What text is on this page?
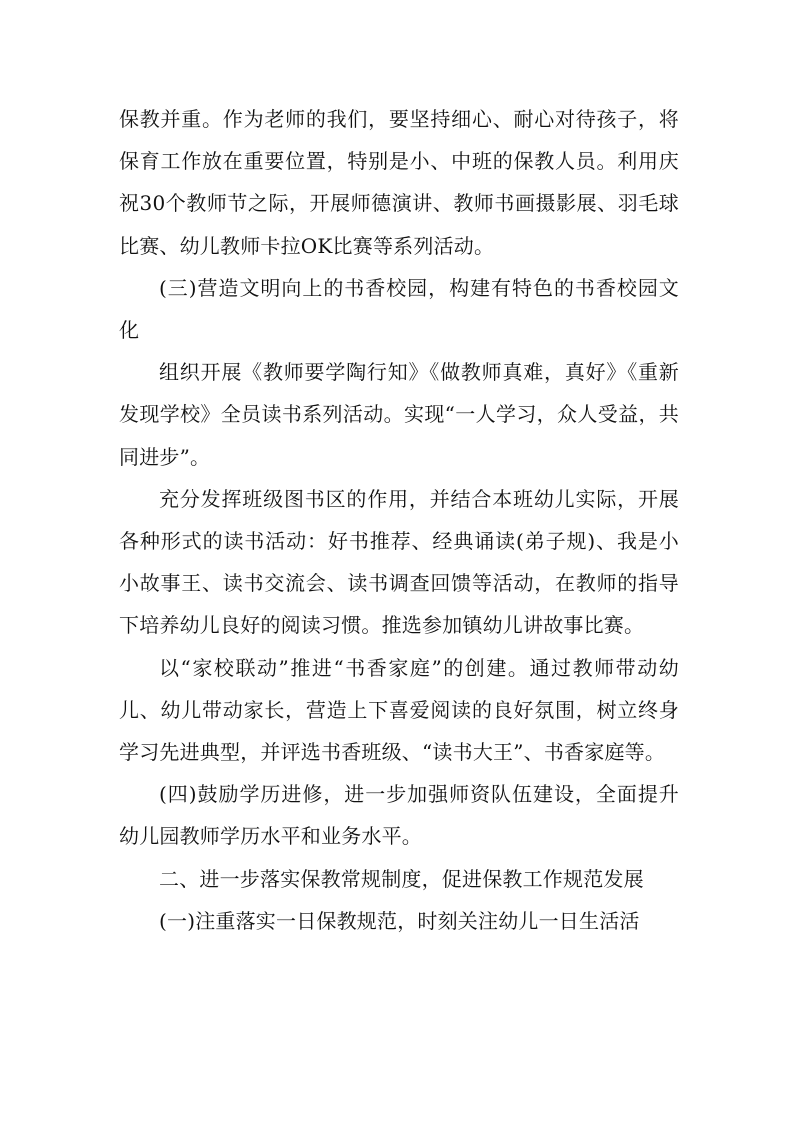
保教并重。作为老师的我们，要坚持细心、耐心对待孩子，将保育工作放在重要位置，特别是小、中班的保教人员。利用庆祝30个教师节之际，开展师德演讲、教师书画摄影展、羽毛球比赛、幼儿教师卡拉OK比赛等系列活动。

(三)营造文明向上的书香校园，构建有特色的书香校园文化

组织开展《教师要学陶行知》《做教师真难，真好》《重新发现学校》全员读书系列活动。实现“一人学习，众人受益，共同进步”。

充分发挥班级图书区的作用，并结合本班幼儿实际，开展各种形式的读书活动：好书推荐、经典诵读(弟子规)、我是小小故事王、读书交流会、读书调查回馈等活动，在教师的指导下培养幼儿良好的阅读习惯。推选参加镇幼儿讲故事比赛。

以“家校联动”推进“书香家庭”的创建。通过教师带动幼儿、幼儿带动家长，营造上下喜爱阅读的良好氛围，树立终身学习先进典型，并评选书香班级、“读书大王”、书香家庭等。

(四)鼓励学历进修，进一步加强师资队伍建设，全面提升幼儿园教师学历水平和业务水平。

二、进一步落实保教常规制度，促进保教工作规范发展

(一)注重落实一日保教规范，时刻关注幼儿一日生活活
